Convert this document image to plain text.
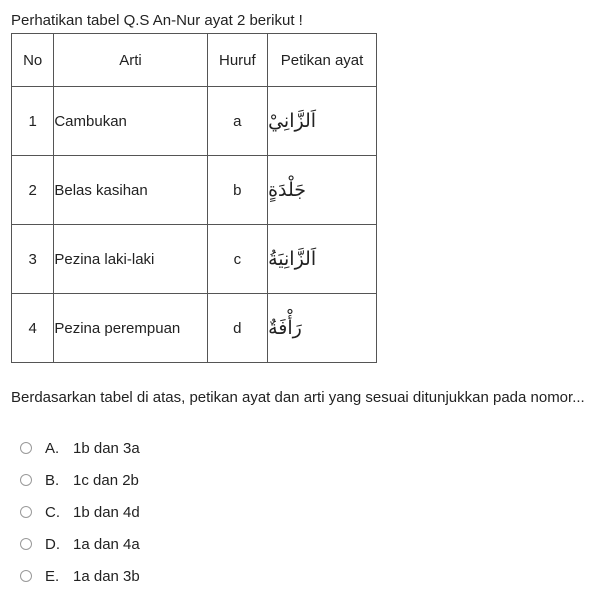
Perhatikan tabel Q.S An-Nur ayat 2 berikut !
No	Arti	Huruf	Petikan ayat
1	Cambukan	a	اَلزَّانِيْ
2	Belas kasihan	b	جَلْدَةٍ
3	Pezina laki-laki	c	اَلزَّانِيَةُ
4	Pezina perempuan	d	رَأْفَةٌ
Berdasarkan tabel di atas, petikan ayat dan arti yang sesuai ditunjukkan pada nomor...
A. 1b dan 3a
B. 1c dan 2b
C. 1b dan 4d
D. 1a dan 4a
E. 1a dan 3b
